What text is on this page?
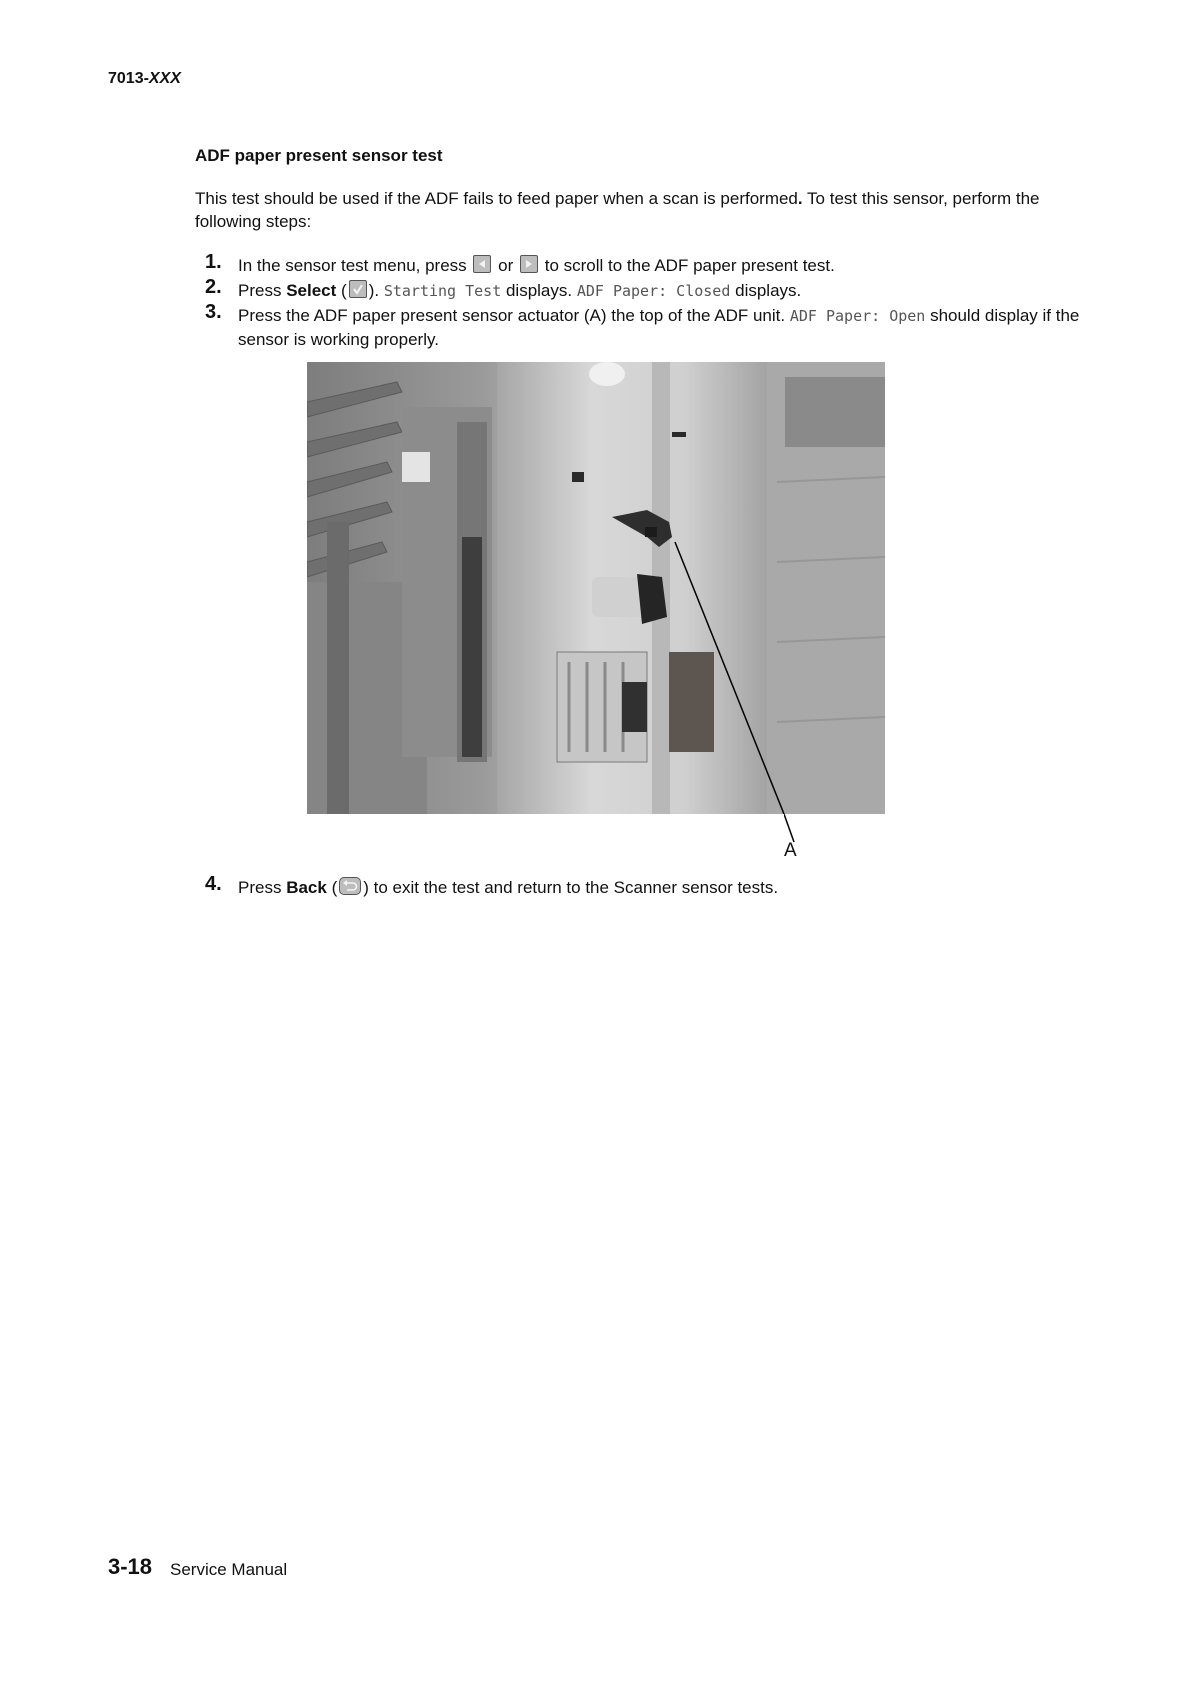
7013-XXX
ADF paper present sensor test
This test should be used if the ADF fails to feed paper when a scan is performed. To test this sensor, perform the following steps:
1. In the sensor test menu, press or to scroll to the ADF paper present test.
2. Press Select ( ). Starting Test displays. ADF Paper: Closed displays.
3. Press the ADF paper present sensor actuator (A) the top of the ADF unit. ADF Paper: Open should display if the sensor is working properly.
A
4. Press Back ( ) to exit the test and return to the Scanner sensor tests.
3-18 Service Manual
